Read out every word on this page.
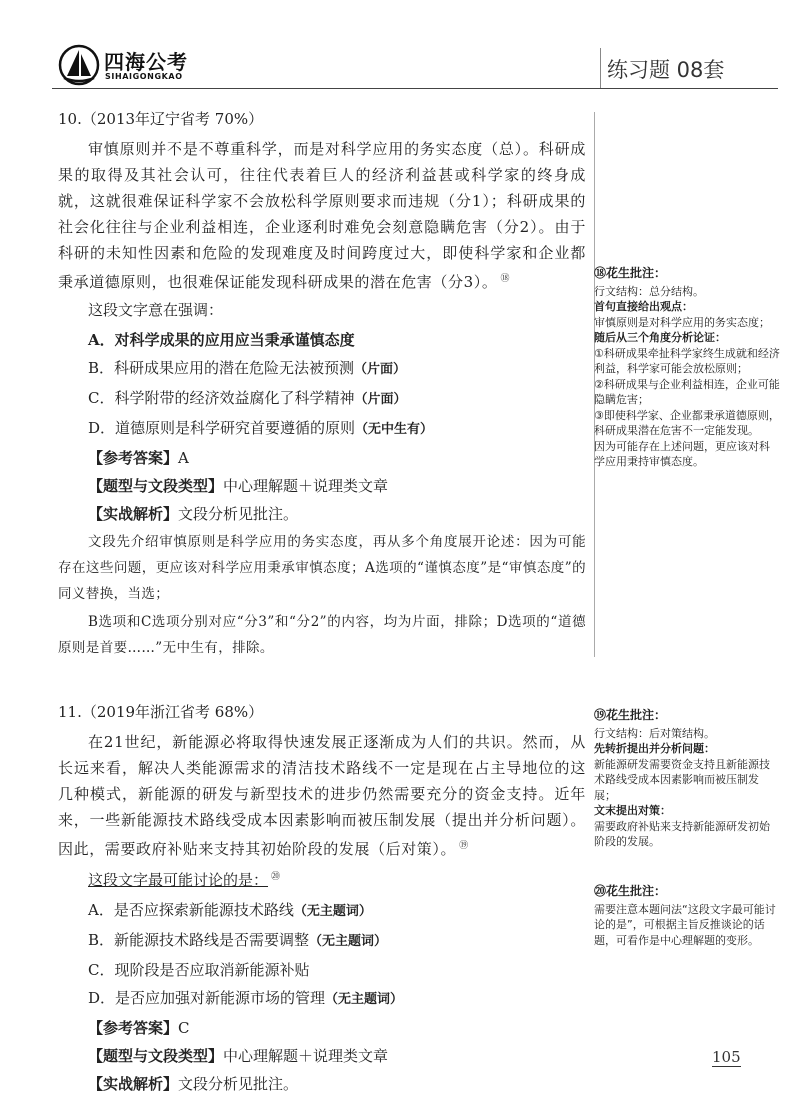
四海公考
SIHAIGONGKAO	练习题 08套
10.（2013年辽宁省考 70%）

审慎原则并不是不尊重科学，而是对科学应用的务实态度（总）。科研成果的取得及其社会认可，往往代表着巨人的经济利益甚或科学家的终身成就，这就很难保证科学家不会放松科学原则要求而违规（分1）；科研成果的社会化往往与企业利益相连，企业逐利时难免会刻意隐瞒危害（分2）。由于科研的未知性因素和危险的发现难度及时间跨度过大，即使科学家和企业都秉承道德原则，也很难保证能发现科研成果的潜在危害（分3）。 ⑱

这段文字意在强调：
A．对科学成果的应用应当秉承谨慎态度
B．科研成果应用的潜在危险无法被预测（片面）
C．科学附带的经济效益腐化了科学精神（片面）
D．道德原则是科学研究首要遵循的原则（无中生有）
【参考答案】A
【题型与文段类型】中心理解题＋说理类文章
【实战解析】文段分析见批注。

文段先介绍审慎原则是科学应用的务实态度，再从多个角度展开论述：因为可能存在这些问题，更应该对科学应用秉承审慎态度；A选项的“谨慎态度”是“审慎态度”的同义替换，当选；

B选项和C选项分别对应“分3”和“分2”的内容，均为片面，排除；D选项的“道德原则是首要……”无中生有，排除。

11.（2019年浙江省考 68%）

在21世纪，新能源必将取得快速发展正逐渐成为人们的共识。然而，从长远来看，解决人类能源需求的清洁技术路线不一定是现在占主导地位的这几种模式，新能源的研发与新型技术的进步仍然需要充分的资金支持。近年来，一些新能源技术路线受成本因素影响而被压制发展（提出并分析问题）。因此，需要政府补贴来支持其初始阶段的发展（后对策）。 ⑲

这段文字最可能讨论的是： ⑳
A．是否应探索新能源技术路线（无主题词）
B．新能源技术路线是否需要调整（无主题词）
C．现阶段是否应取消新能源补贴
D．是否应加强对新能源市场的管理（无主题词）
【参考答案】C
【题型与文段类型】中心理解题＋说理类文章
【实战解析】文段分析见批注。
⑱花生批注：

行文结构：总分结构。

首句直接给出观点：

审慎原则是对科学应用的务实态度；

随后从三个角度分析论证：

①科研成果牵扯科学家终生成就和经济利益，科学家可能会放松原则；

②科研成果与企业利益相连，企业可能隐瞒危害；

③即使科学家、企业都秉承道德原则，科研成果潜在危害不一定能发现。

因为可能存在上述问题，更应该对科学应用秉持审慎态度。

⑲花生批注：

行文结构：后对策结构。

先转折提出并分析问题：

新能源研发需要资金支持且新能源技术路线受成本因素影响而被压制发展；

文末提出对策：

需要政府补贴来支持新能源研发初始阶段的发展。

⑳花生批注：

需要注意本题问法“这段文字最可能讨论的是”，可根据主旨反推谈论的话题，可看作是中心理解题的变形。

105
